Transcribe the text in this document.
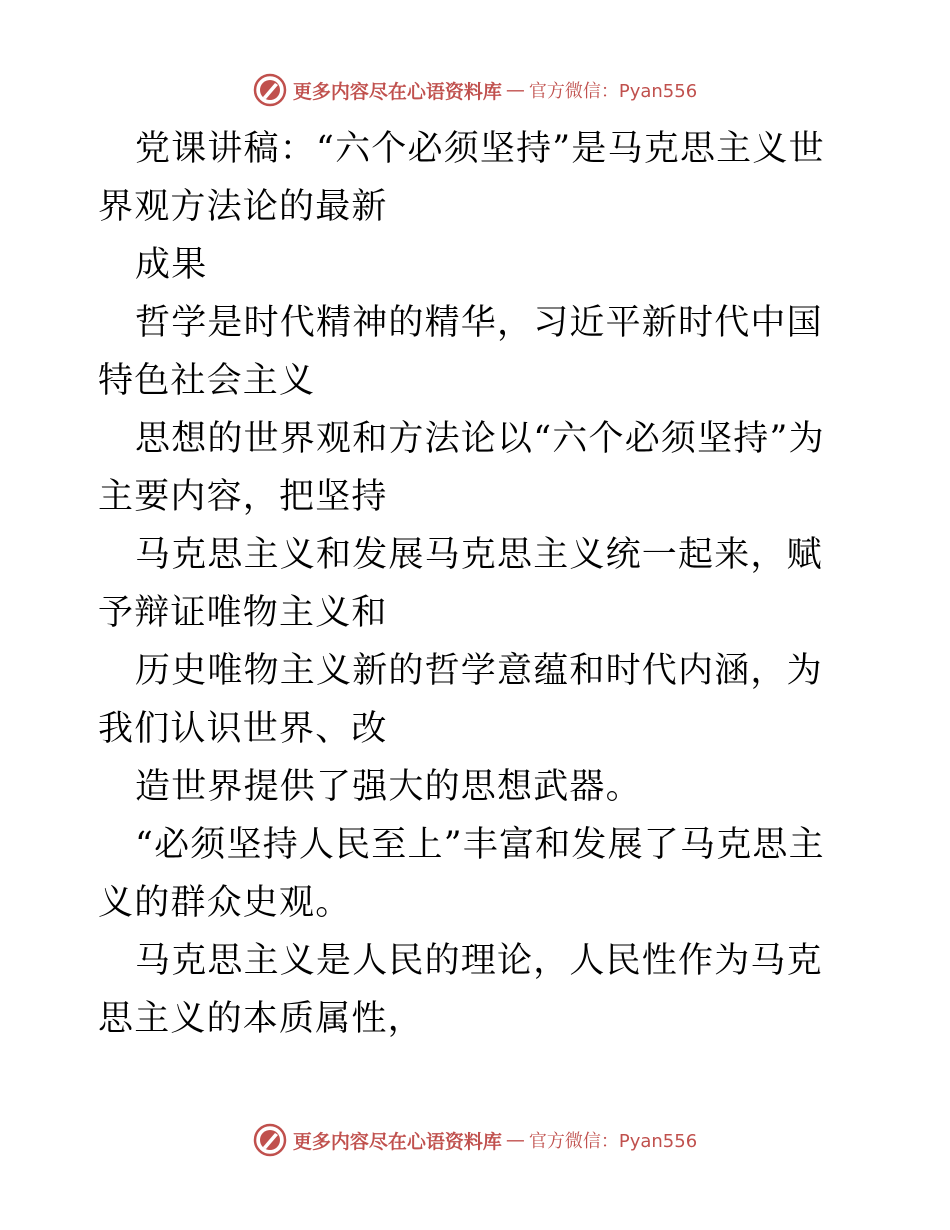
更多内容尽在心语资料库 — 官方微信：Pyan556

党课讲稿：“六个必须坚持”是马克思主义世界观方法论的最新

成果

哲学是时代精神的精华，习近平新时代中国特色社会主义

思想的世界观和方法论以“六个必须坚持”为主要内容，把坚持

马克思主义和发展马克思主义统一起来，赋予辩证唯物主义和

历史唯物主义新的哲学意蕴和时代内涵，为我们认识世界、改

造世界提供了强大的思想武器。

“必须坚持人民至上”丰富和发展了马克思主义的群众史观。

马克思主义是人民的理论，人民性作为马克思主义的本质属性，

更多内容尽在心语资料库 — 官方微信：Pyan556
